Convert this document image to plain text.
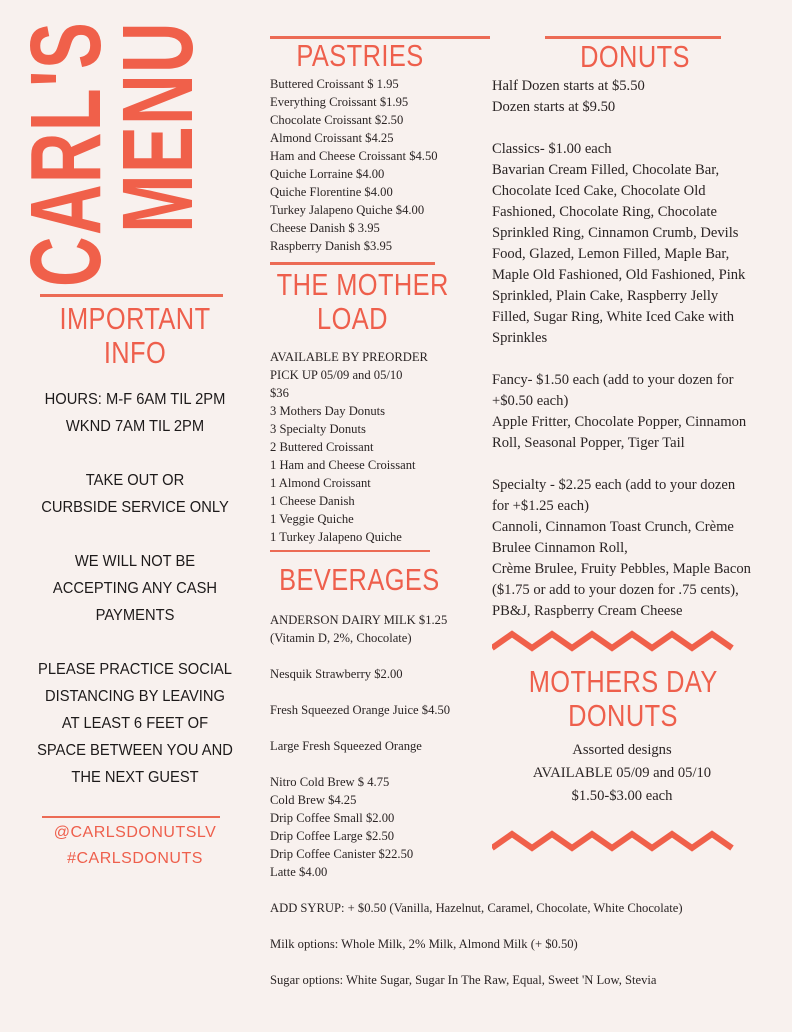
CARL'S
MENU
IMPORTANT
INFO
HOURS: M-F 6AM TIL 2PM
WKND 7AM TIL 2PM
TAKE OUT OR
CURBSIDE SERVICE ONLY
WE WILL NOT BE
ACCEPTING ANY CASH
PAYMENTS
PLEASE PRACTICE SOCIAL
DISTANCING BY LEAVING
AT LEAST 6 FEET OF
SPACE BETWEEN YOU AND
THE NEXT GUEST
@CARLSDONUTSLV
#CARLSDONUTS
PASTRIES
Buttered Croissant $ 1.95
Everything Croissant $1.95
Chocolate Croissant $2.50
Almond Croissant $4.25
Ham and Cheese Croissant $4.50
Quiche Lorraine $4.00
Quiche Florentine $4.00
Turkey Jalapeno Quiche $4.00
Cheese Danish $ 3.95
Raspberry Danish $3.95
THE MOTHER
LOAD
AVAILABLE BY PREORDER
PICK UP 05/09 and 05/10
$36
3 Mothers Day Donuts
3 Specialty Donuts
2 Buttered Croissant
1 Ham and Cheese Croissant
1 Almond Croissant
1 Cheese Danish
1 Veggie Quiche
1 Turkey Jalapeno Quiche
BEVERAGES
ANDERSON DAIRY MILK $1.25
(Vitamin D, 2%, Chocolate)
Nesquik Strawberry $2.00
Fresh Squeezed Orange Juice $4.50
Large Fresh Squeezed Orange
Nitro Cold Brew $ 4.75
Cold Brew $4.25
Drip Coffee Small $2.00
Drip Coffee Large $2.50
Drip Coffee Canister $22.50
Latte $4.00
ADD SYRUP: + $0.50 (Vanilla, Hazelnut, Caramel, Chocolate, White Chocolate)
Milk options: Whole Milk, 2% Milk, Almond Milk (+ $0.50)
Sugar options: White Sugar, Sugar In The Raw, Equal, Sweet 'N Low, Stevia
DONUTS
Half Dozen starts at $5.50
Dozen starts at $9.50
Classics- $1.00 each
Bavarian Cream Filled, Chocolate Bar,
Chocolate Iced Cake, Chocolate Old
Fashioned, Chocolate Ring, Chocolate
Sprinkled Ring, Cinnamon Crumb, Devils
Food, Glazed, Lemon Filled, Maple Bar,
Maple Old Fashioned, Old Fashioned, Pink
Sprinkled, Plain Cake, Raspberry Jelly
Filled, Sugar Ring, White Iced Cake with
Sprinkles
Fancy- $1.50 each (add to your dozen for
+$0.50 each)
Apple Fritter, Chocolate Popper, Cinnamon
Roll, Seasonal Popper, Tiger Tail
Specialty - $2.25 each (add to your dozen
for +$1.25 each)
Cannoli, Cinnamon Toast Crunch, Crème
Brulee Cinnamon Roll,
Crème Brulee, Fruity Pebbles, Maple Bacon
($1.75 or add to your dozen for .75 cents),
PB&J, Raspberry Cream Cheese
MOTHERS DAY
DONUTS
Assorted designs
AVAILABLE 05/09 and 05/10
$1.50-$3.00 each
